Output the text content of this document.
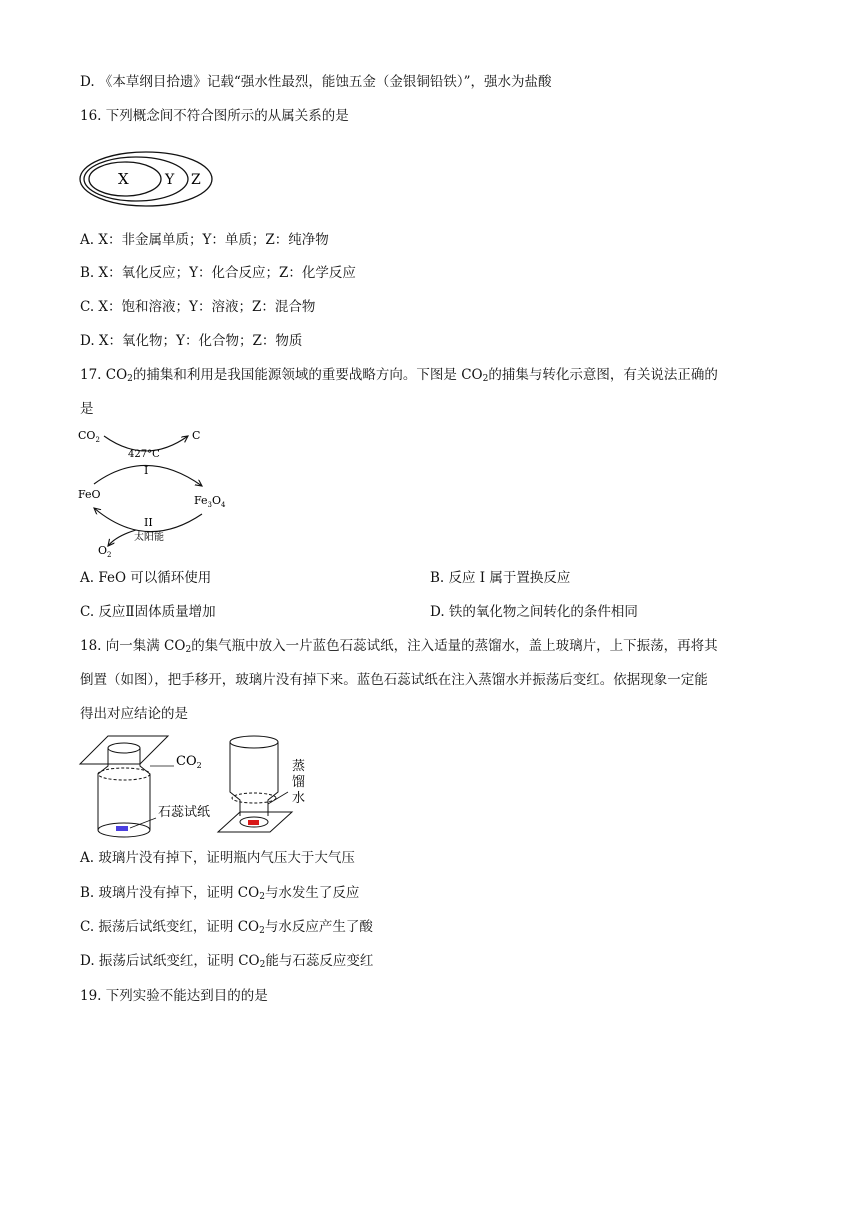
D. 《本草纲目拾遗》记载“强水性最烈，能蚀五金（金银铜铅铁）”，强水为盐酸
16. 下列概念间不符合图所示的从属关系的是
X	Y Z
A. X：非金属单质；Y：单质；Z：纯净物
B. X：氧化反应；Y：化合反应；Z：化学反应
C. X：饱和溶液；Y：溶液；Z：混合物
D. X：氧化物；Y：化合物；Z：物质
17. $CO_2$的捕集和利用是我国能源领域的重要战略方向。下图是 $CO_2$的捕集与转化示意图，有关说法正确的
是
$CO_2$	C
427°C
I
FeO	$Fe_3O_4$
II
太阳能
$O_2$
A. FeO 可以循环使用	B. 反应 I 属于置换反应
C. 反应Ⅱ固体质量增加	D. 铁的氧化物之间转化的条件相同
18. 向一集满 $CO_2$的集气瓶中放入一片蓝色石蕊试纸，注入适量的蒸馏水，盖上玻璃片，上下振荡，再将其
倒置（如图），把手移开，玻璃片没有掉下来。蓝色石蕊试纸在注入蒸馏水并振荡后变红。依据现象一定能
得出对应结论的是
石蕊试纸
$CO_2$	蒸
馏
水
A. 玻璃片没有掉下，证明瓶内气压大于大气压
B. 玻璃片没有掉下，证明 $CO_2$与水发生了反应
C. 振荡后试纸变红，证明 $CO_2$与水反应产生了酸
D. 振荡后试纸变红，证明 $CO_2$能与石蕊反应变红
19. 下列实验不能达到目的的是
